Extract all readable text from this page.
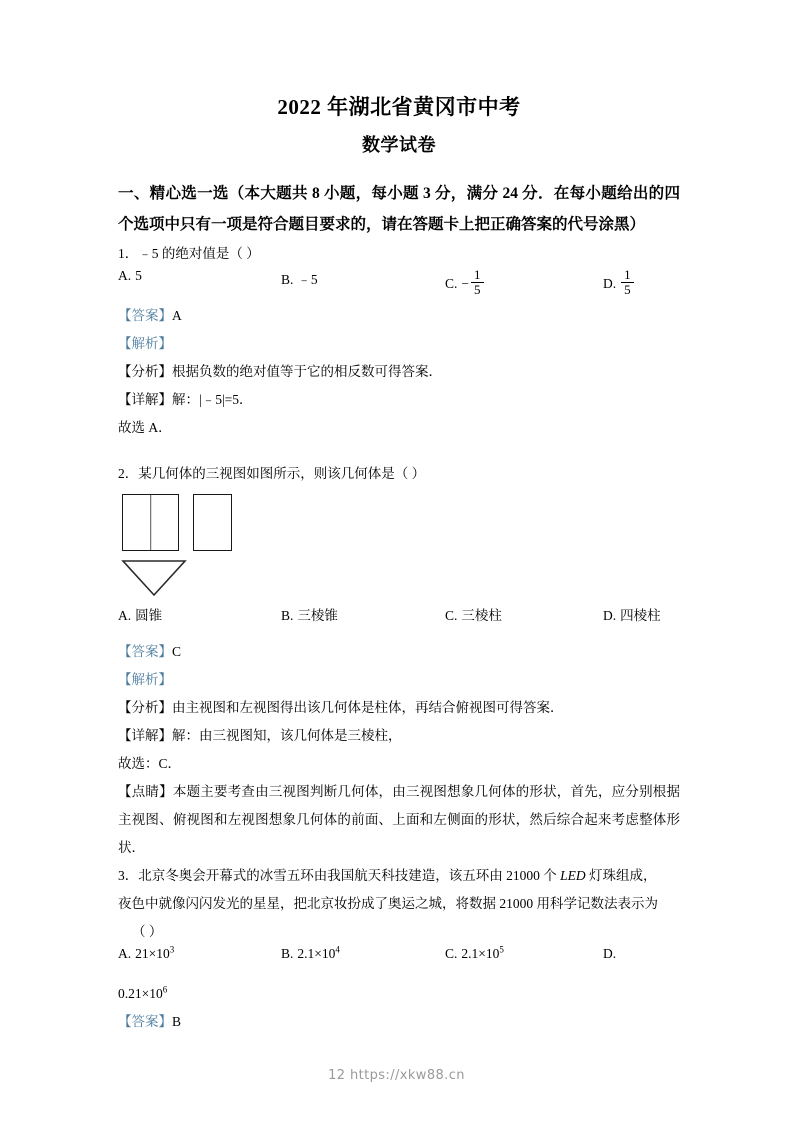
2022 年湖北省黄冈市中考
数学试卷
一、精心选一选（本大题共 8 小题，每小题 3 分，满分 24 分．在每小题给出的四个选项中只有一项是符合题目要求的，请在答题卡上把正确答案的代号涂黑）
1．﹣5 的绝对值是（ ）
A. 5	B. ﹣5	C. − $\frac{1}{5}$	D. $\frac{1}{5}$
【答案】A
【解析】
【分析】根据负数的绝对值等于它的相反数可得答案．
【详解】解：|﹣5|=5．
故选 A．
2．某几何体的三视图如图所示，则该几何体是（ ）
A. 圆锥	B. 三棱锥	C. 三棱柱	D. 四棱柱
【答案】C
【解析】
【分析】由主视图和左视图得出该几何体是柱体，再结合俯视图可得答案．
【详解】解：由三视图知，该几何体是三棱柱，
故选：C．
【点睛】本题主要考查由三视图判断几何体，由三视图想象几何体的形状，首先，应分别根据主视图、俯视图和左视图想象几何体的前面、上面和左侧面的形状，然后综合起来考虑整体形状．
3．北京冬奥会开幕式的冰雪五环由我国航天科技建造，该五环由 21000 个 LED 灯珠组成，
夜色中就像闪闪发光的星星，把北京妆扮成了奥运之城，将数据 21000 用科学记数法表示为
（ ）
A. $21\times 10^3$	B. $2.1\times 10^4$	C. $2.1\times 10^5$	D.
$0.21\times 10^6$
【答案】B
12 https://xkw88.cn
